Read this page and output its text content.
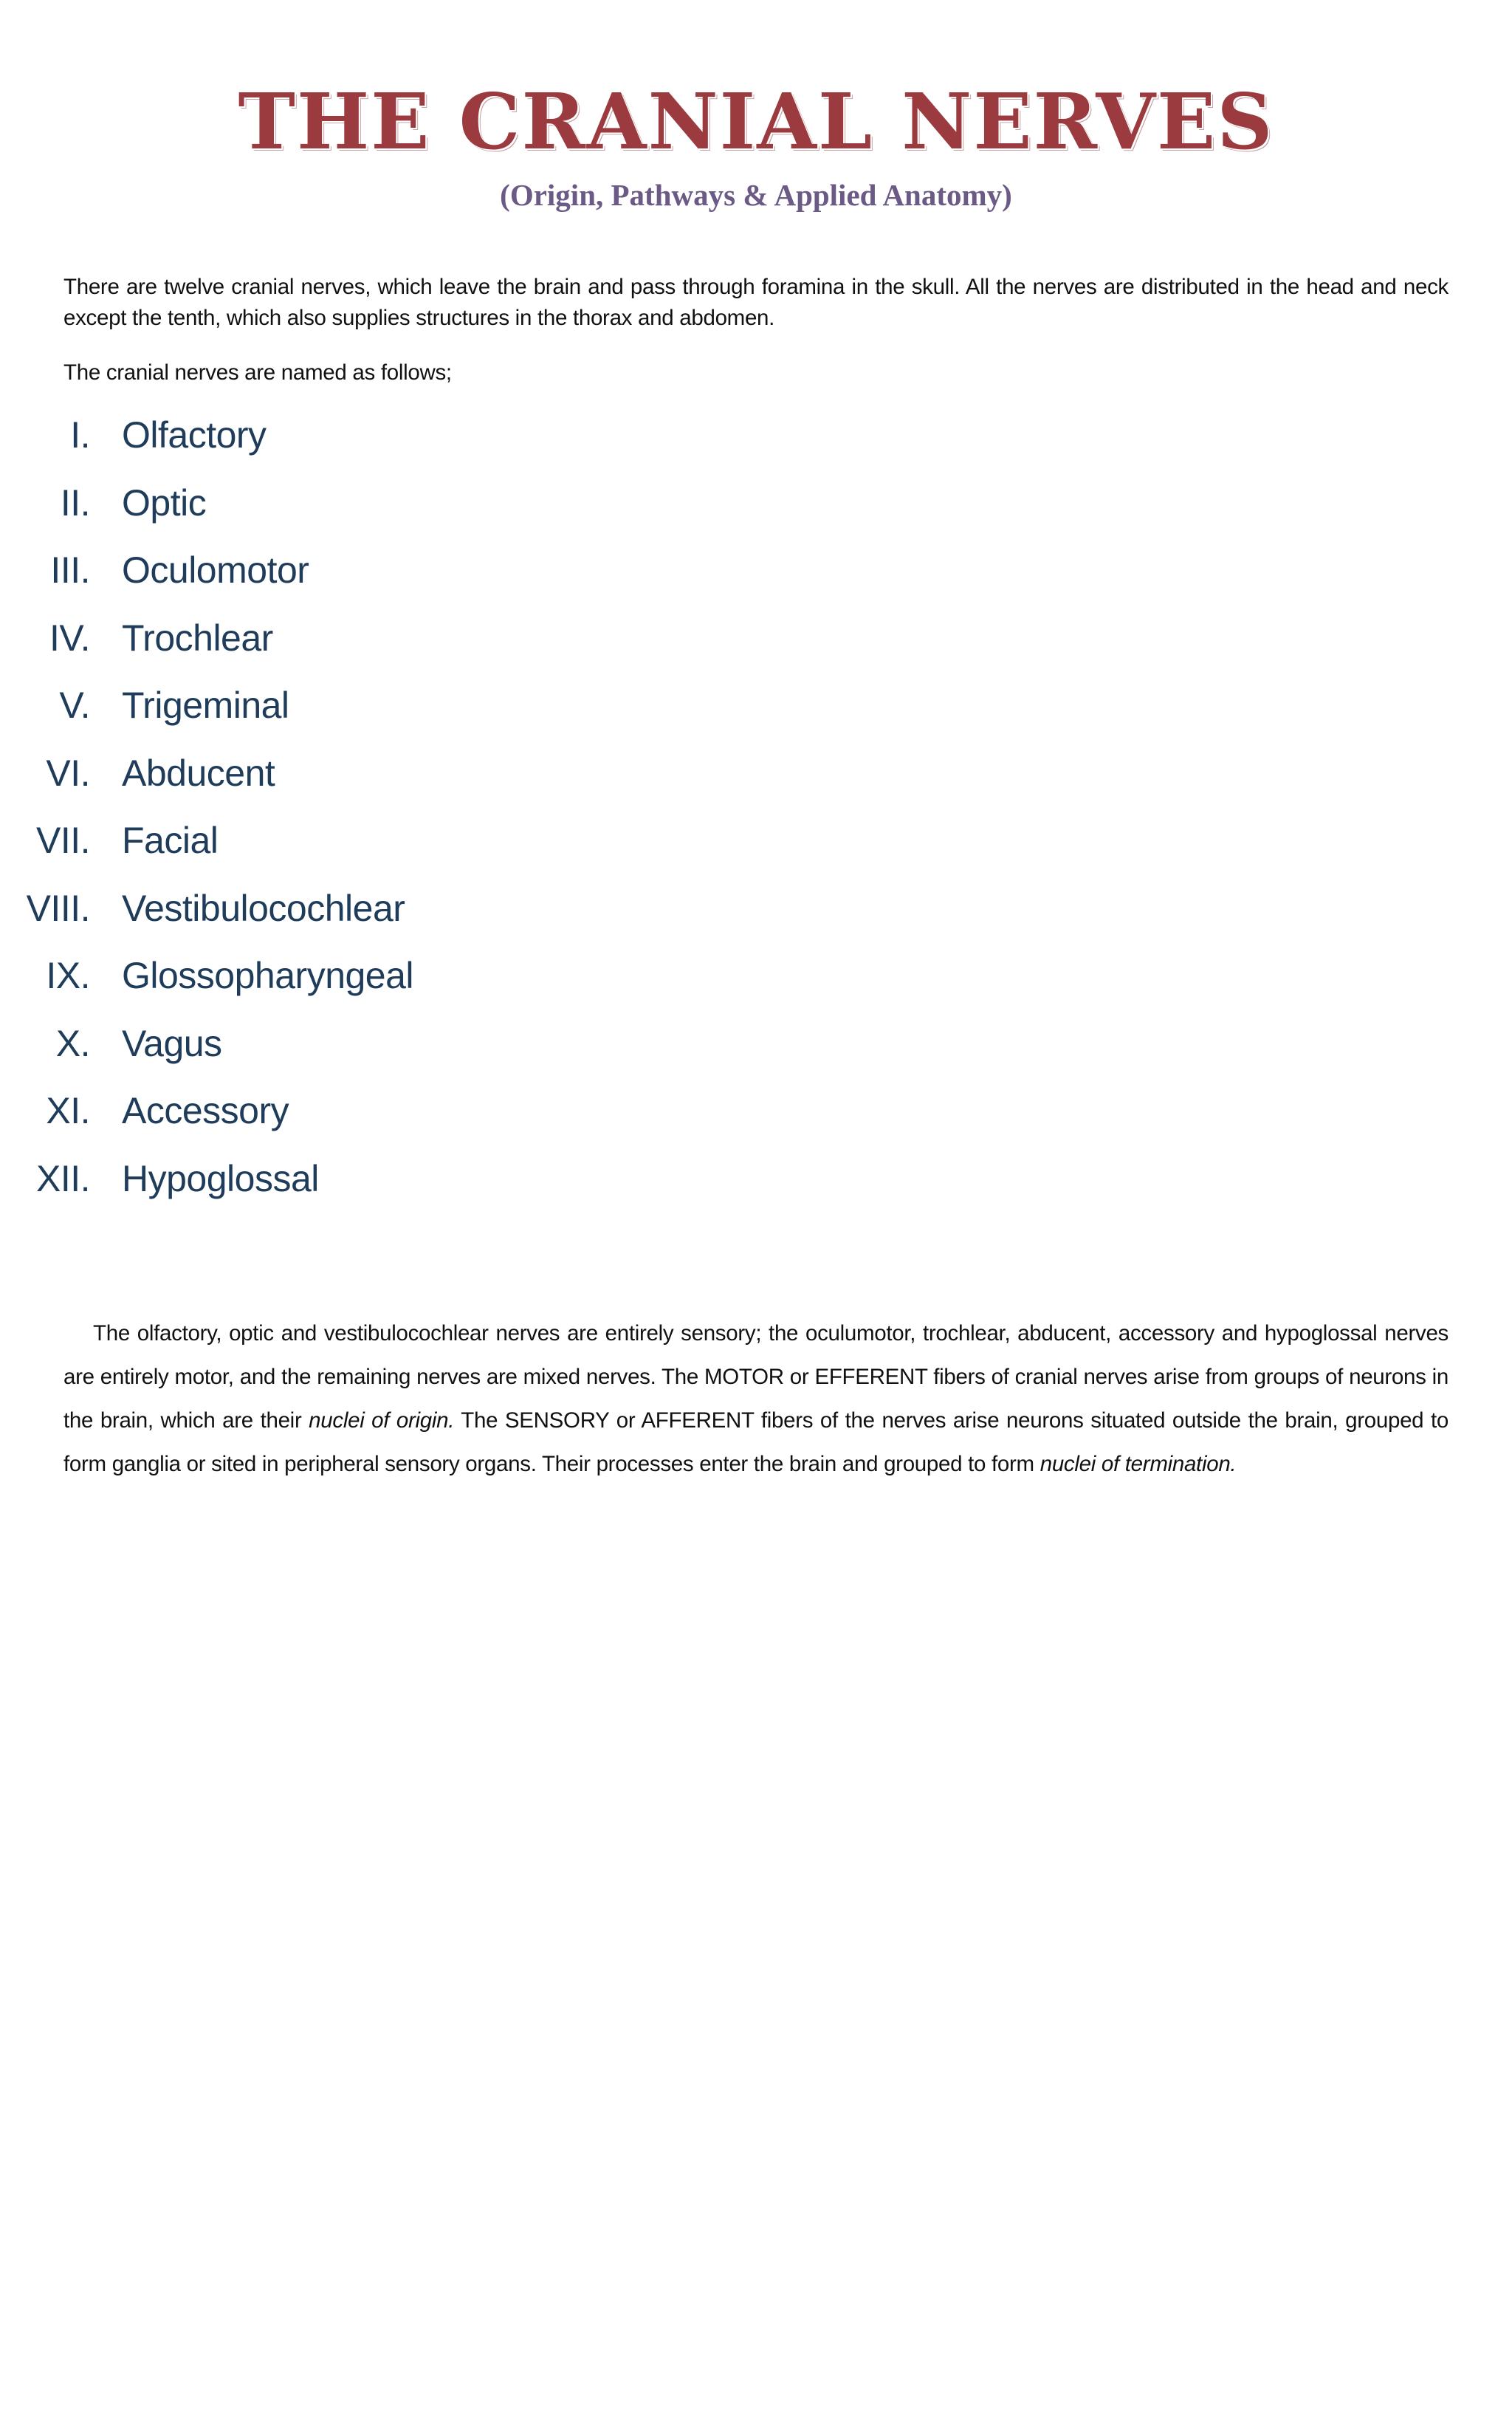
THE CRANIAL NERVES
(Origin, Pathways & Applied Anatomy)

There are twelve cranial nerves, which leave the brain and pass through foramina in the skull. All the nerves are distributed in the head and neck except the tenth, which also supplies structures in the thorax and abdomen.

The cranial nerves are named as follows;

I. Olfactory
II. Optic
III. Oculomotor
IV. Trochlear
V. Trigeminal
VI. Abducent
VII. Facial
VIII. Vestibulocochlear
IX. Glossopharyngeal
X. Vagus
XI. Accessory
XII. Hypoglossal

The olfactory, optic and vestibulocochlear nerves are entirely sensory; the oculumotor, trochlear, abducent, accessory and hypoglossal nerves are entirely motor, and the remaining nerves are mixed nerves. The MOTOR or EFFERENT fibers of cranial nerves arise from groups of neurons in the brain, which are their nuclei of origin. The SENSORY or AFFERENT fibers of the nerves arise neurons situated outside the brain, grouped to form ganglia or sited in peripheral sensory organs. Their processes enter the brain and grouped to form nuclei of termination.
